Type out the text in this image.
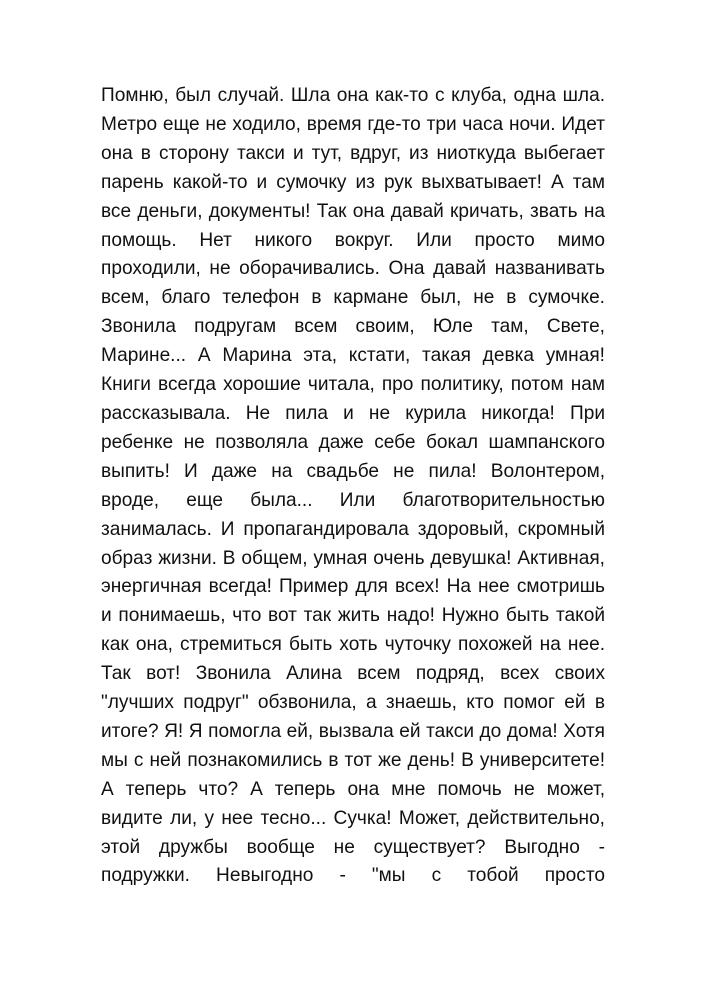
Помню, был случай. Шла она как-то с клуба, одна шла. Метро еще не ходило, время где-то три часа ночи. Идет она в сторону такси и тут, вдруг, из ниоткуда выбегает парень какой-то и сумочку из рук выхватывает! А там все деньги, документы! Так она давай кричать, звать на помощь. Нет никого вокруг. Или просто мимо проходили, не оборачивались. Она давай названивать всем, благо телефон в кармане был, не в сумочке. Звонила подругам всем своим, Юле там, Свете, Марине... А Марина эта, кстати, такая девка умная! Книги всегда хорошие читала, про политику, потом нам рассказывала. Не пила и не курила никогда! При ребенке не позволяла даже себе бокал шампанского выпить! И даже на свадьбе не пила! Волонтером, вроде, еще была... Или благотворительностью занималась. И пропагандировала здоровый, скромный образ жизни. В общем, умная очень девушка! Активная, энергичная всегда! Пример для всех! На нее смотришь и понимаешь, что вот так жить надо! Нужно быть такой как она, стремиться быть хоть чуточку похожей на нее. Так вот! Звонила Алина всем подряд, всех своих "лучших подруг" обзвонила, а знаешь, кто помог ей в итоге? Я! Я помогла ей, вызвала ей такси до дома! Хотя мы с ней познакомились в тот же день! В университете! А теперь что? А теперь она мне помочь не может, видите ли, у нее тесно... Сучка! Может, действительно, этой дружбы вообще не существует? Выгодно - подружки. Невыгодно - "мы с тобой просто
